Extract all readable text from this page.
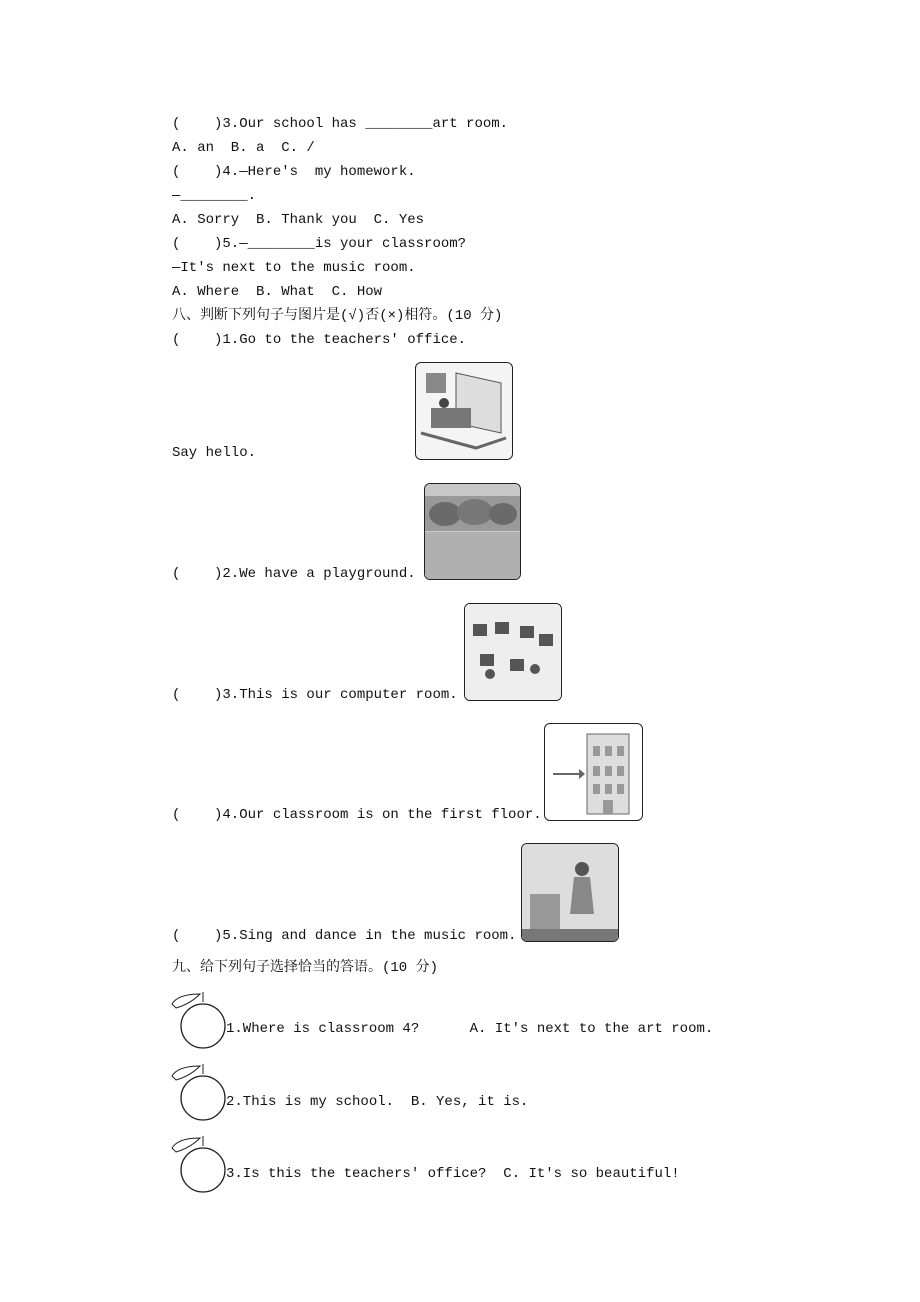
(    )3.Our school has ________art room.
A. an  B. a  C. /
(    )4.—Here's  my homework.
—________.
A. Sorry  B. Thank you  C. Yes
(    )5.—________is your classroom?
—It's next to the music room.
A. Where  B. What  C. How
八、判断下列句子与图片是(√)否(×)相符。(10 分)
(    )1.Go to the teachers' office.
Say hello.
(    )2.We have a playground.
(    )3.This is our computer room.
(    )4.Our classroom is on the first floor.
(    )5.Sing and dance in the music room.
九、给下列句子选择恰当的答语。(10 分)
1.Where is classroom 4?      A. It's next to the art room.
2.This is my school.  B. Yes, it is.
3.Is this the teachers' office?  C. It's so beautiful!
